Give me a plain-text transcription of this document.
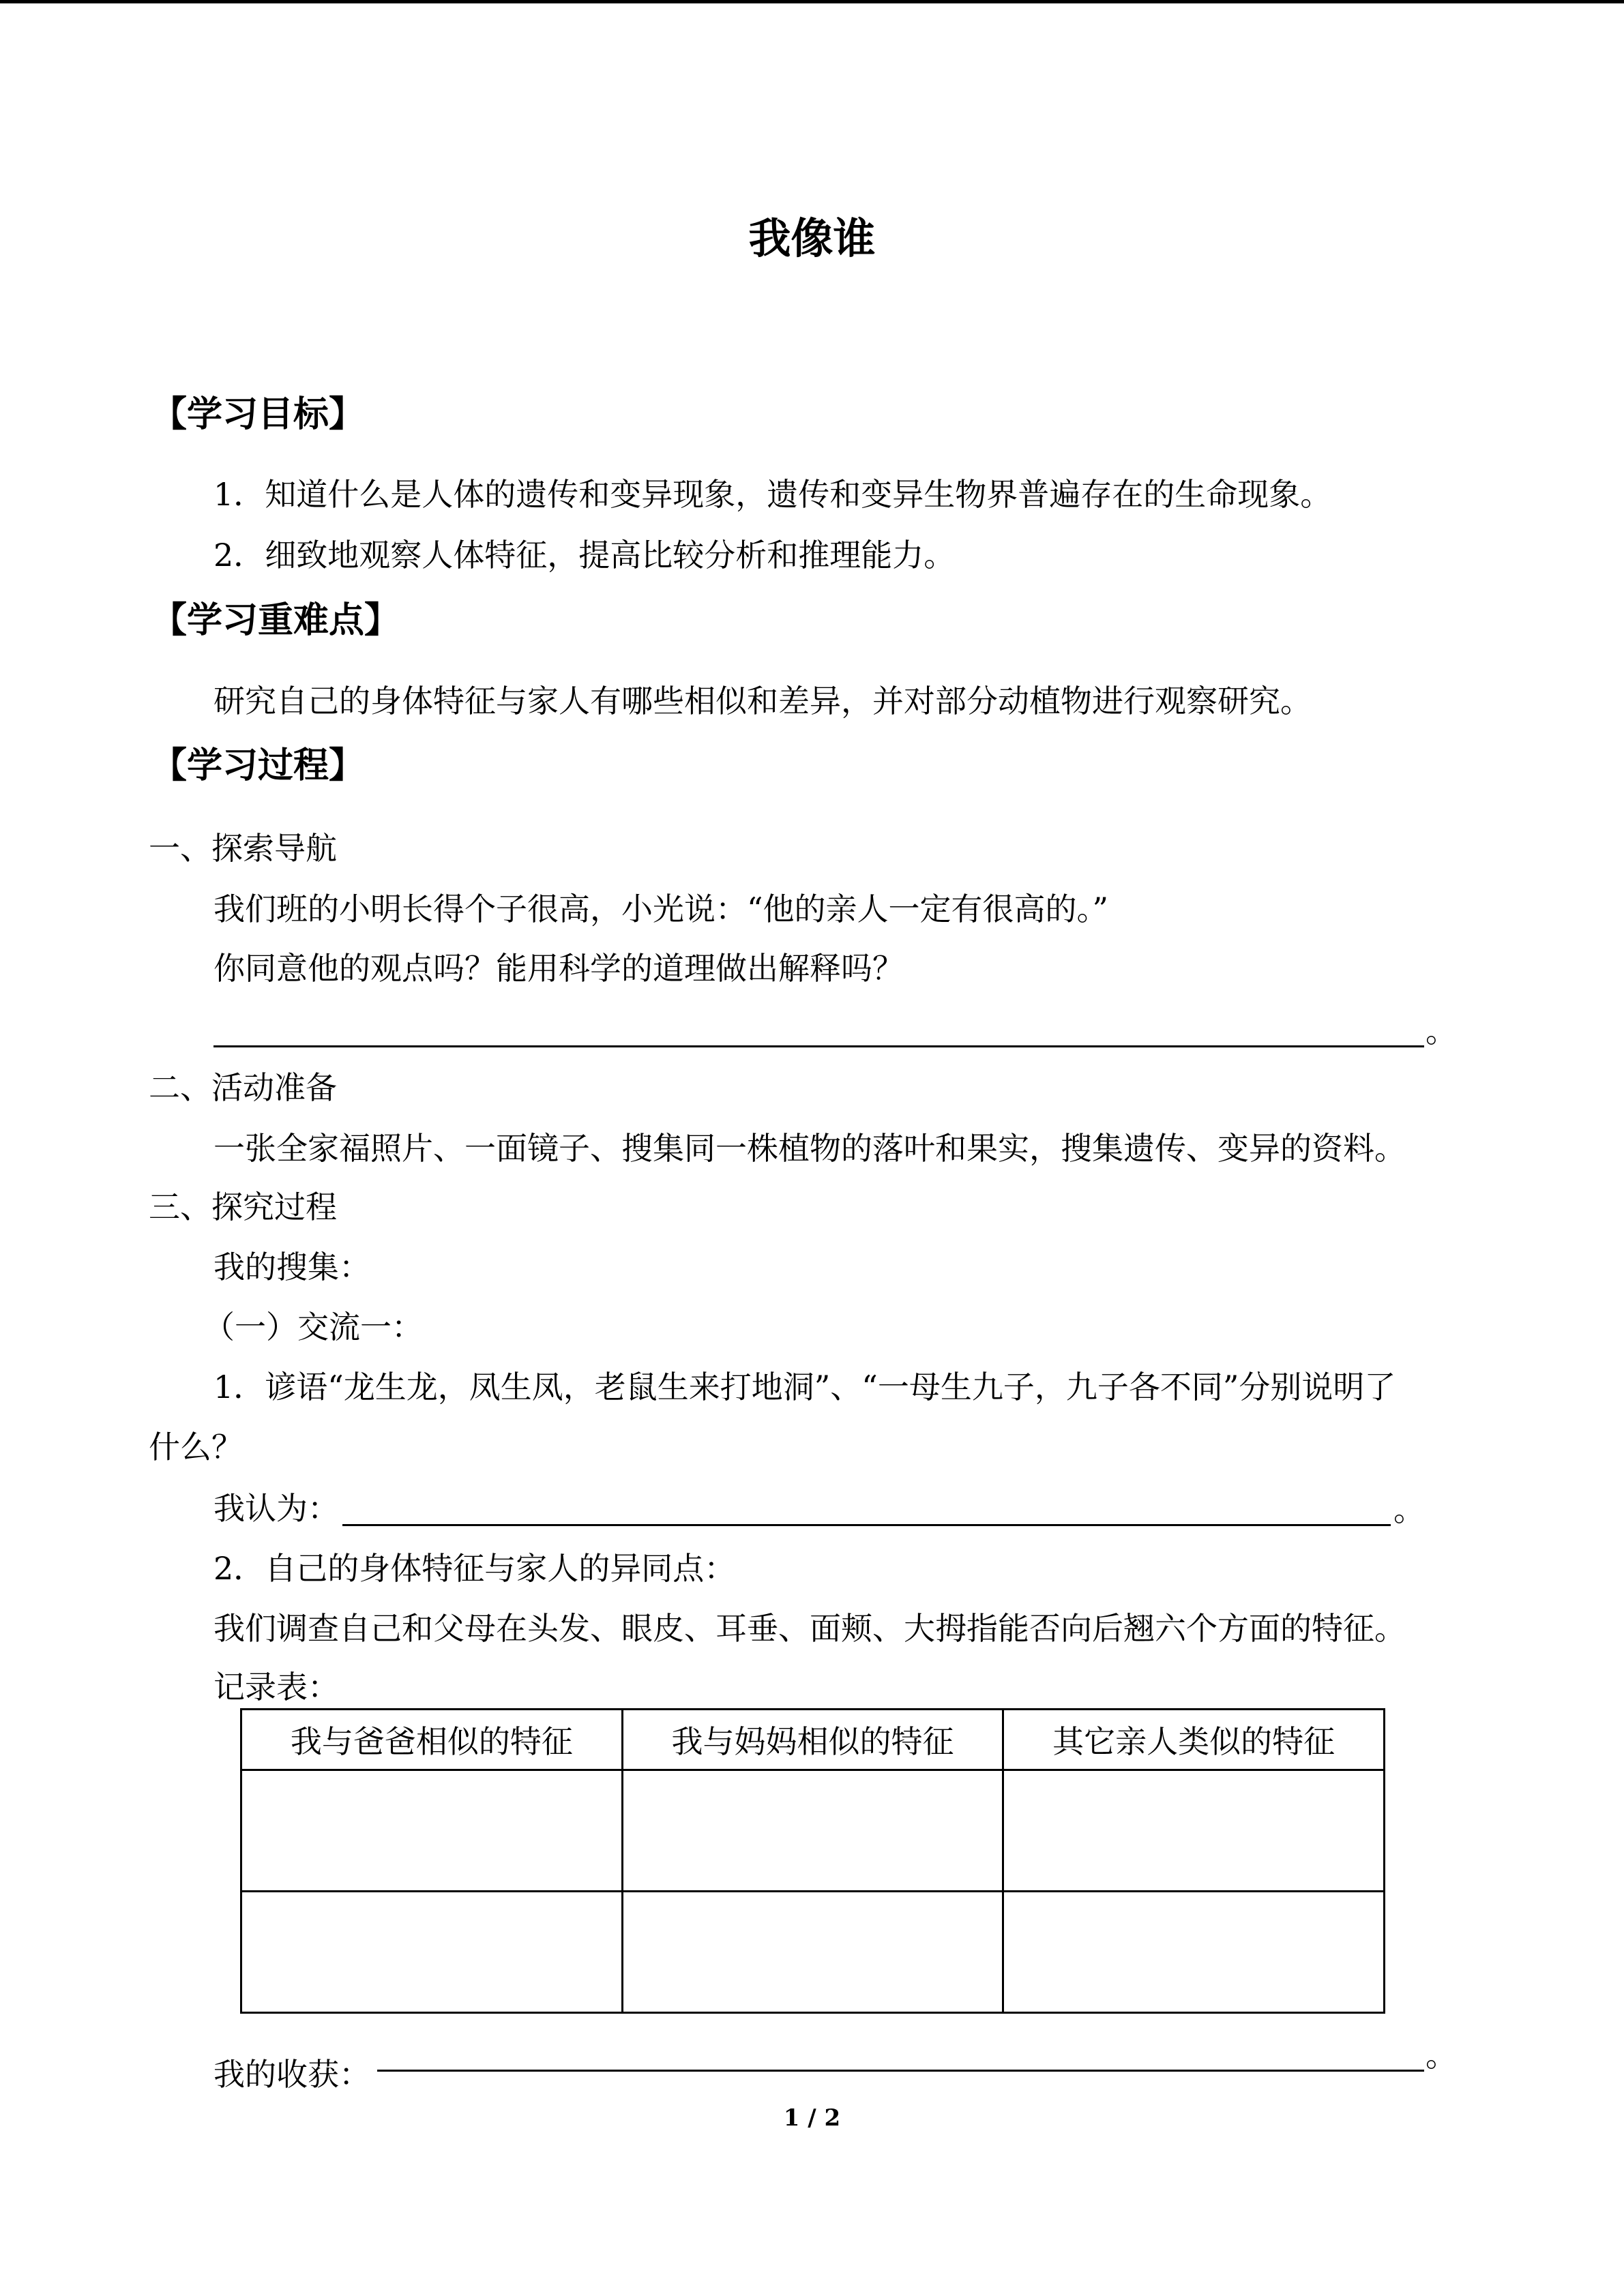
我像谁
【学习目标】
1．知道什么是人体的遗传和变异现象，遗传和变异生物界普遍存在的生命现象。
2．细致地观察人体特征，提高比较分析和推理能力。
【学习重难点】
研究自己的身体特征与家人有哪些相似和差异，并对部分动植物进行观察研究。
【学习过程】
一、探索导航
我们班的小明长得个子很高，小光说：“他的亲人一定有很高的。”
你同意他的观点吗？能用科学的道理做出解释吗？
。
二、活动准备
一张全家福照片、一面镜子、搜集同一株植物的落叶和果实，搜集遗传、变异的资料。
三、探究过程
我的搜集：
（一）交流一：
1．谚语“龙生龙，凤生凤，老鼠生来打地洞”、“一母生九子，九子各不同”分别说明了
什么？
我认为：	。
2．自己的身体特征与家人的异同点：
我们调查自己和父母在头发、眼皮、耳垂、面颊、大拇指能否向后翘六个方面的特征。
记录表：
我与爸爸相似的特征	我与妈妈相似的特征	其它亲人类似的特征

我的收获：
。
1 / 2
